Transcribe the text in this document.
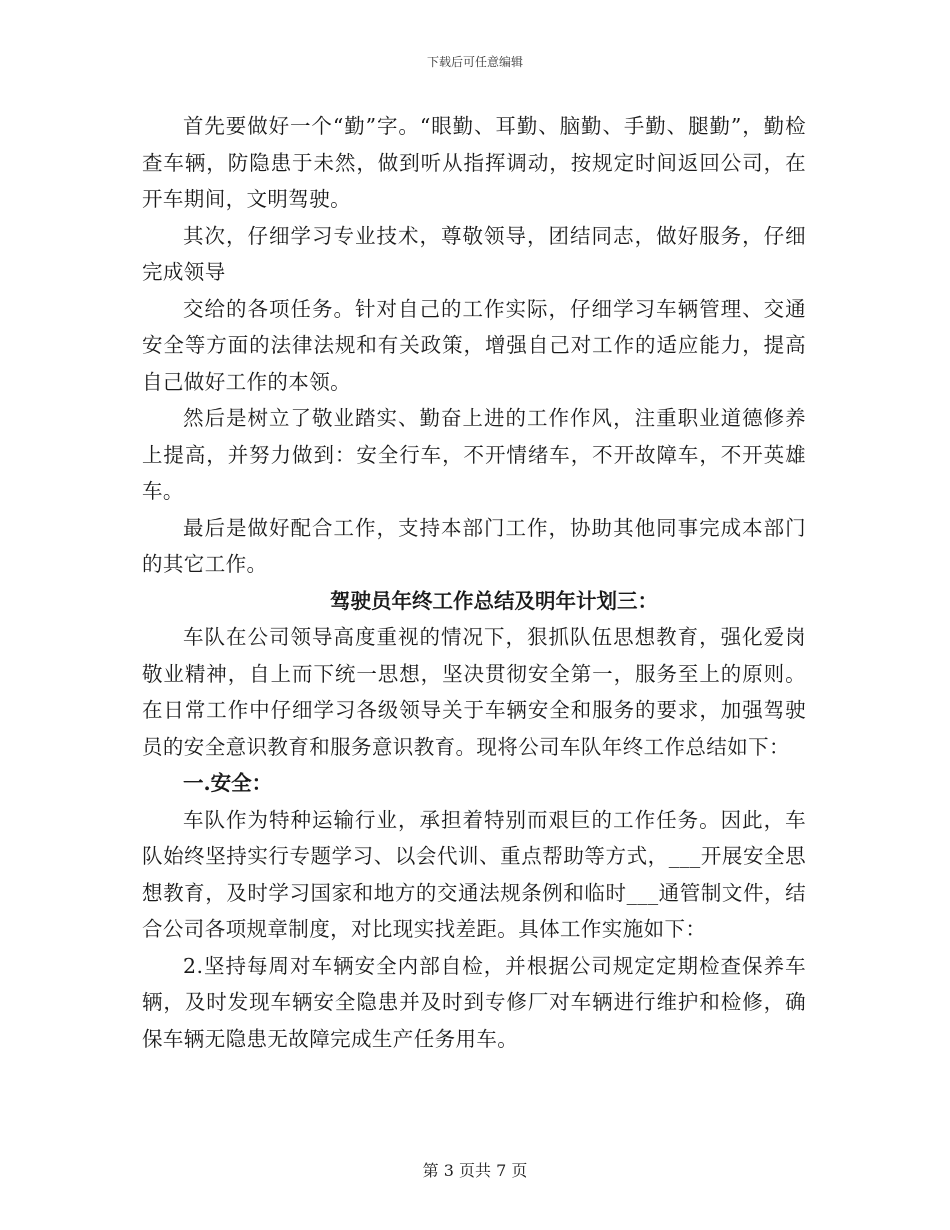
下载后可任意编辑

首先要做好一个“勤”字。“眼勤、耳勤、脑勤、手勤、腿勤”，勤检查车辆，防隐患于未然，做到听从指挥调动，按规定时间返回公司，在开车期间，文明驾驶。

其次，仔细学习专业技术，尊敬领导，团结同志，做好服务，仔细完成领导

交给的各项任务。针对自己的工作实际，仔细学习车辆管理、交通安全等方面的法律法规和有关政策，增强自己对工作的适应能力，提高自己做好工作的本领。

然后是树立了敬业踏实、勤奋上进的工作作风，注重职业道德修养上提高，并努力做到：安全行车，不开情绪车，不开故障车，不开英雄车。

最后是做好配合工作，支持本部门工作，协助其他同事完成本部门的其它工作。

驾驶员年终工作总结及明年计划三：

车队在公司领导高度重视的情况下，狠抓队伍思想教育，强化爱岗敬业精神，自上而下统一思想，坚决贯彻安全第一，服务至上的原则。在日常工作中仔细学习各级领导关于车辆安全和服务的要求，加强驾驶员的安全意识教育和服务意识教育。现将公司车队年终工作总结如下：

一.安全：

车队作为特种运输行业，承担着特别而艰巨的工作任务。因此，车队始终坚持实行专题学习、以会代训、重点帮助等方式，___开展安全思想教育，及时学习国家和地方的交通法规条例和临时___通管制文件，结合公司各项规章制度，对比现实找差距。具体工作实施如下：

2.坚持每周对车辆安全内部自检，并根据公司规定定期检查保养车辆，及时发现车辆安全隐患并及时到专修厂对车辆进行维护和检修，确保车辆无隐患无故障完成生产任务用车。

第 3 页共 7 页
